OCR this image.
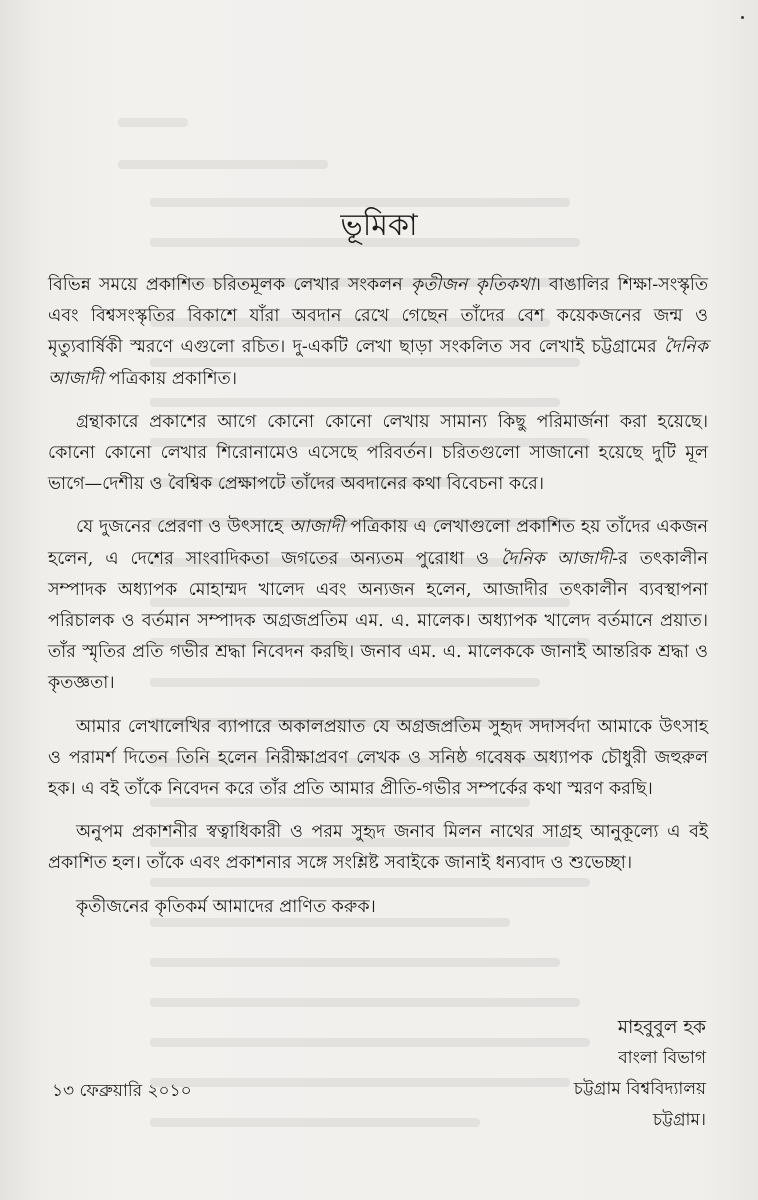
ভূমিকা

বিভিন্ন সময়ে প্রকাশিত চরিতমূলক লেখার সংকলন কৃতীজন কৃতিকথা। বাঙালির শিক্ষা-সংস্কৃতি এবং বিশ্বসংস্কৃতির বিকাশে যাঁরা অবদান রেখে গেছেন তাঁদের বেশ কয়েকজনের জন্ম ও মৃত্যুবার্ষিকী স্মরণে এগুলো রচিত। দু-একটি লেখা ছাড়া সংকলিত সব লেখাই চট্টগ্রামের দৈনিক আজাদী পত্রিকায় প্রকাশিত।

গ্রন্থাকারে প্রকাশের আগে কোনো কোনো লেখায় সামান্য কিছু পরিমার্জনা করা হয়েছে। কোনো কোনো লেখার শিরোনামেও এসেছে পরিবর্তন। চরিতগুলো সাজানো হয়েছে দুটি মূল ভাগে—দেশীয় ও বৈশ্বিক প্রেক্ষাপটে তাঁদের অবদানের কথা বিবেচনা করে।

যে দুজনের প্রেরণা ও উৎসাহে আজাদী পত্রিকায় এ লেখাগুলো প্রকাশিত হয় তাঁদের একজন হলেন, এ দেশের সাংবাদিকতা জগতের অন্যতম পুরোধা ও দৈনিক আজাদী-র তৎকালীন সম্পাদক অধ্যাপক মোহাম্মদ খালেদ এবং অন্যজন হলেন, আজাদীর তৎকালীন ব্যবস্থাপনা পরিচালক ও বর্তমান সম্পাদক অগ্রজপ্রতিম এম. এ. মালেক। অধ্যাপক খালেদ বর্তমানে প্রয়াত। তাঁর স্মৃতির প্রতি গভীর শ্রদ্ধা নিবেদন করছি। জনাব এম. এ. মালেককে জানাই আন্তরিক শ্রদ্ধা ও কৃতজ্ঞতা।

আমার লেখালেখির ব্যাপারে অকালপ্রয়াত যে অগ্রজপ্রতিম সুহৃদ সদাসর্বদা আমাকে উৎসাহ ও পরামর্শ দিতেন তিনি হলেন নিরীক্ষাপ্রবণ লেখক ও সনিষ্ঠ গবেষক অধ্যাপক চৌধুরী জহুরুল হক। এ বই তাঁকে নিবেদন করে তাঁর প্রতি আমার প্রীতি-গভীর সম্পর্কের কথা স্মরণ করছি।

অনুপম প্রকাশনীর স্বত্বাধিকারী ও পরম সুহৃদ জনাব মিলন নাথের সাগ্রহ আনুকূল্যে এ বই প্রকাশিত হল। তাঁকে এবং প্রকাশনার সঙ্গে সংশ্লিষ্ট সবাইকে জানাই ধন্যবাদ ও শুভেচ্ছা।

কৃতীজনের কৃতিকর্ম আমাদের প্রাণিত করুক।

১৩ ফেব্রুয়ারি ২০১০
মাহবুবুল হক
বাংলা বিভাগ
চট্টগ্রাম বিশ্ববিদ্যালয়
চট্টগ্রাম।
